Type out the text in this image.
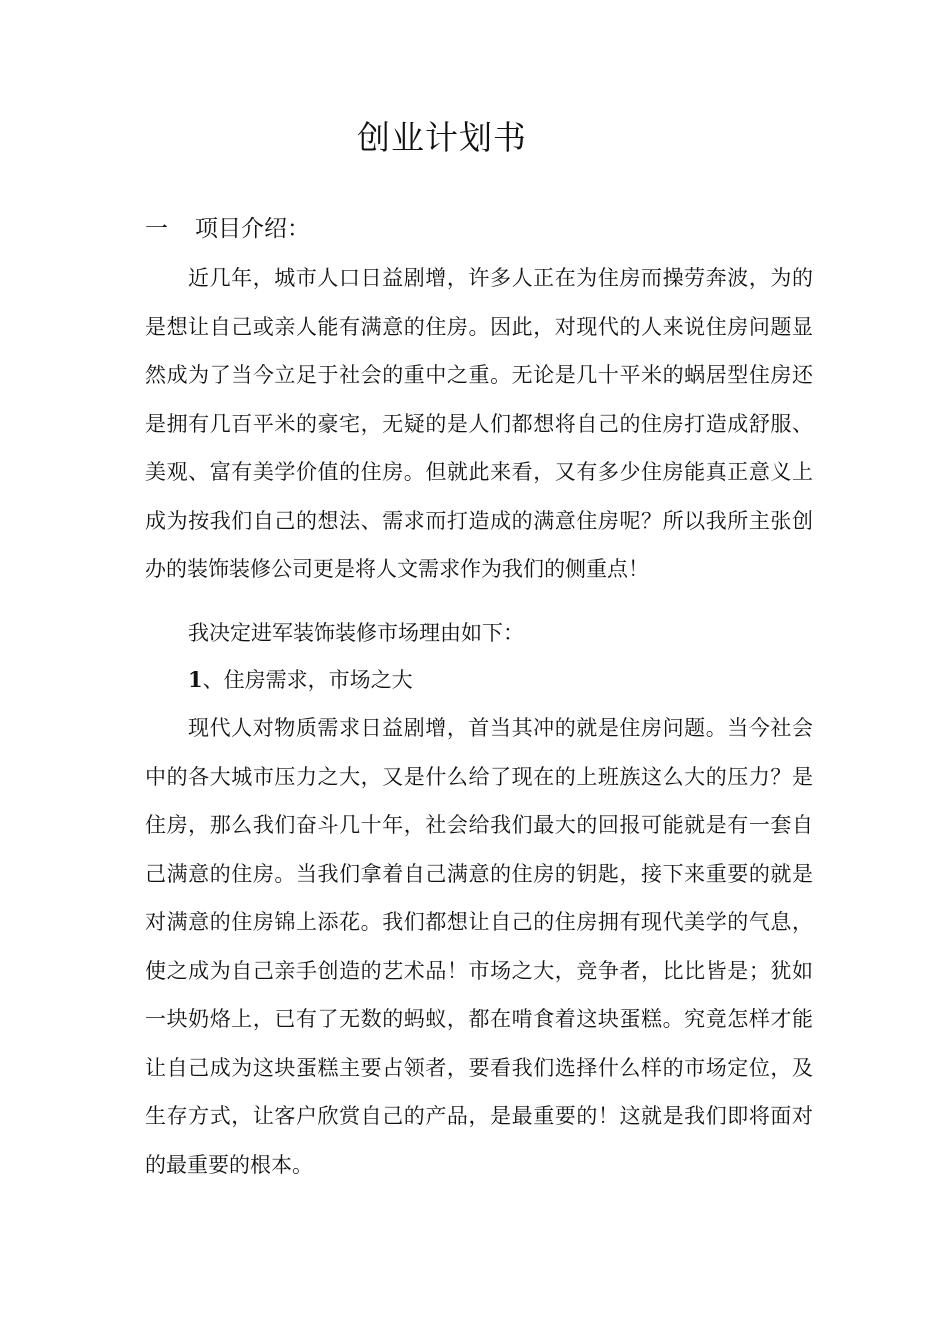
创业计划书
一 项目介绍：

近几年，城市人口日益剧增，许多人正在为住房而操劳奔波，为的是想让自己或亲人能有满意的住房。因此，对现代的人来说住房问题显然成为了当今立足于社会的重中之重。无论是几十平米的蜗居型住房还是拥有几百平米的豪宅，无疑的是人们都想将自己的住房打造成舒服、美观、富有美学价值的住房。但就此来看，又有多少住房能真正意义上成为按我们自己的想法、需求而打造成的满意住房呢？所以我所主张创办的装饰装修公司更是将人文需求作为我们的侧重点！

我决定进军装饰装修市场理由如下：

1、住房需求，市场之大

现代人对物质需求日益剧增，首当其冲的就是住房问题。当今社会中的各大城市压力之大，又是什么给了现在的上班族这么大的压力？是住房，那么我们奋斗几十年，社会给我们最大的回报可能就是有一套自己满意的住房。当我们拿着自己满意的住房的钥匙，接下来重要的就是对满意的住房锦上添花。我们都想让自己的住房拥有现代美学的气息，使之成为自己亲手创造的艺术品！市场之大，竞争者，比比皆是；犹如一块奶烙上，已有了无数的蚂蚁，都在啃食着这块蛋糕。究竟怎样才能让自己成为这块蛋糕主要占领者，要看我们选择什么样的市场定位，及生存方式，让客户欣赏自己的产品，是最重要的！这就是我们即将面对的最重要的根本。
